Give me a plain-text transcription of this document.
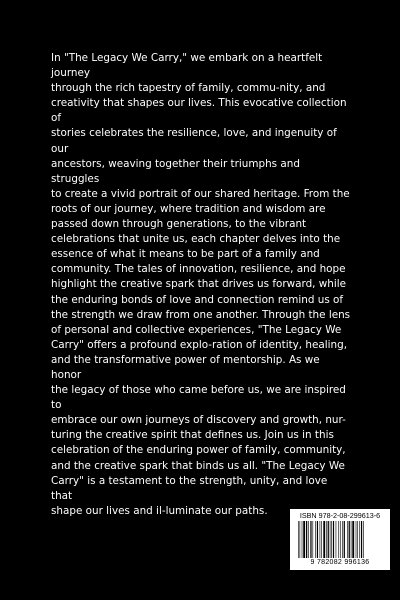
In "The Legacy We Carry," we embark on a heartfelt journey
through the rich tapestry of family, commu-nity, and
creativity that shapes our lives. This evocative collection of
stories celebrates the resilience, love, and ingenuity of our
ancestors, weaving together their triumphs and struggles
to create a vivid portrait of our shared heritage. From the
roots of our journey, where tradition and wisdom are
passed down through generations, to the vibrant
celebrations that unite us, each chapter delves into the
essence of what it means to be part of a family and
community. The tales of innovation, resilience, and hope
highlight the creative spark that drives us forward, while
the enduring bonds of love and connection remind us of
the strength we draw from one another. Through the lens
of personal and collective experiences, "The Legacy We
Carry" offers a profound explo-ration of identity, healing,
and the transformative power of mentorship. As we honor
the legacy of those who came before us, we are inspired to
embrace our own journeys of discovery and growth, nur-
turing the creative spirit that defines us. Join us in this
celebration of the enduring power of family, community,
and the creative spark that binds us all. "The Legacy We
Carry" is a testament to the strength, unity, and love that
shape our lives and il-luminate our paths.	ISBN 978-2-08-299613-6
9 782082 996136
